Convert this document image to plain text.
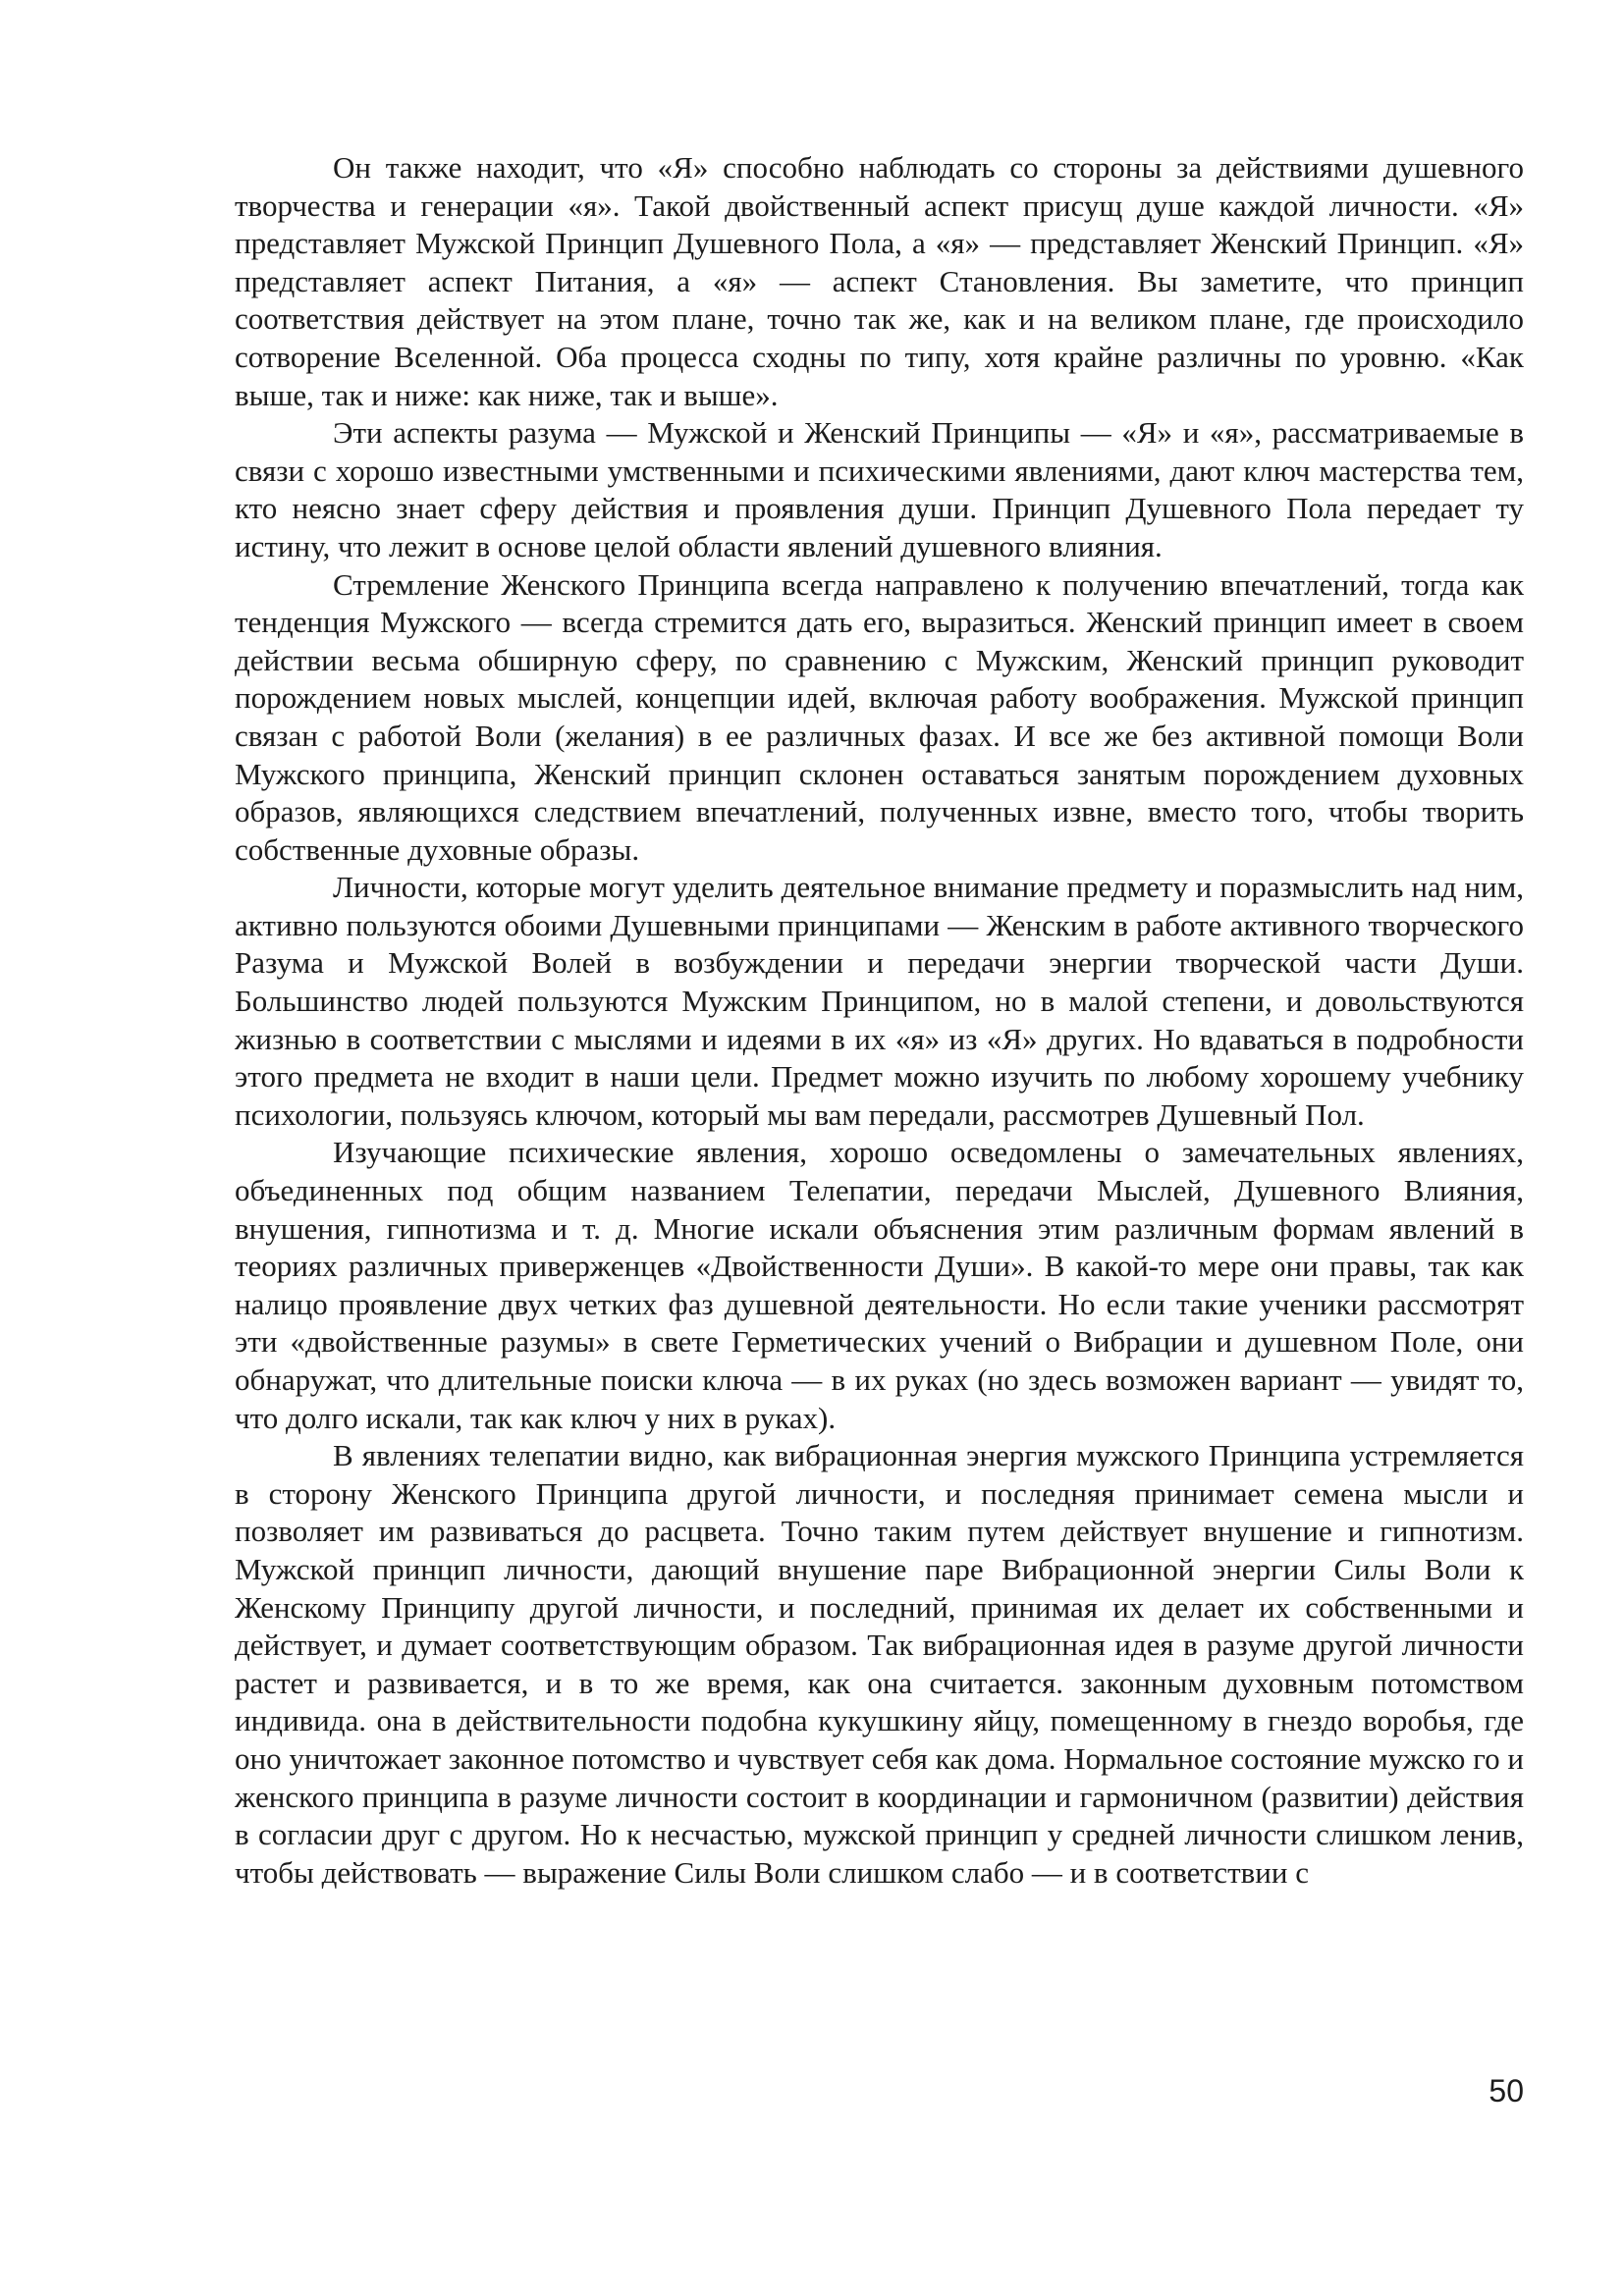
Он также находит, что «Я» способно наблюдать со стороны за действиями душевного творчества и генерации «я». Такой двойственный аспект присущ душе каждой личности. «Я» представляет Мужской Принцип Душевного Пола, а «я» — представляет Женский Принцип. «Я» представляет аспект Питания, а «я» — аспект Становления. Вы заметите, что принцип соответствия действует на этом плане, точно так же, как и на великом плане, где происходило сотворение Вселенной. Оба процесса сходны по типу, хотя крайне различны по уровню. «Как выше, так и ниже: как ниже, так и выше».

Эти аспекты разума — Мужской и Женский Принципы — «Я» и «я», рассматриваемые в связи с хорошо известными умственными и психическими явлениями, дают ключ мастерства тем, кто неясно знает сферу действия и проявления души. Принцип Душевного Пола передает ту истину, что лежит в основе целой области явлений душевного влияния.

Стремление Женского Принципа всегда направлено к получению впечатлений, тогда как тенденция Мужского — всегда стремится дать его, выразиться. Женский принцип имеет в своем действии весьма обширную сферу, по сравнению с Мужским, Женский принцип руководит порождением новых мыслей, концепции идей, включая работу воображения. Мужской принцип связан с работой Воли (желания) в ее различных фазах. И все же без активной помощи Воли Мужского принципа, Женский принцип склонен оставаться занятым порождением духовных образов, являющихся следствием впечатлений, полученных извне, вместо того, чтобы творить собственные духовные образы.

Личности, которые могут уделить деятельное внимание предмету и поразмыслить над ним, активно пользуются обоими Душевными принципами — Женским в работе активного творческого Разума и Мужской Волей в возбуждении и передачи энергии творческой части Души. Большинство людей пользуются Мужским Принципом, но в малой степени, и довольствуются жизнью в соответствии с мыслями и идеями в их «я» из «Я» других. Но вдаваться в подробности этого предмета не входит в наши цели. Предмет можно изучить по любому хорошему учебнику психологии, пользуясь ключом, который мы вам передали, рассмотрев Душевный Пол.

Изучающие психические явления, хорошо осведомлены о замечательных явлениях, объединенных под общим названием Телепатии, передачи Мыслей, Душевного Влияния, внушения, гипнотизма и т. д. Многие искали объяснения этим различным формам явлений в теориях различных приверженцев «Двойственности Души». В какой-то мере они правы, так как налицо проявление двух четких фаз душевной деятельности. Но если такие ученики рассмотрят эти «двойственные разумы» в свете Герметических учений о Вибрации и душевном Поле, они обнаружат, что длительные поиски ключа — в их руках (но здесь возможен вариант — увидят то, что долго искали, так как ключ у них в руках).

В явлениях телепатии видно, как вибрационная энергия мужского Принципа устремляется в сторону Женского Принципа другой личности, и последняя принимает семена мысли и позволяет им развиваться до расцвета. Точно таким путем действует внушение и гипнотизм. Мужской принцип личности, дающий внушение паре Вибрационной энергии Силы Воли к Женскому Принципу другой личности, и последний, принимая их делает их собственными и действует, и думает соответствующим образом. Так вибрационная идея в разуме другой личности растет и развивается, и в то же время, как она считается. законным духовным потомством индивида. она в действительности подобна кукушкину яйцу, помещенному в гнездо воробья, где оно уничтожает законное потомство и чувствует себя как дома. Нормальное состояние мужско го и женского принципа в разуме личности состоит в координации и гармоничном (развитии) действия в согласии друг с другом. Но к несчастью, мужской принцип у средней личности слишком ленив, чтобы действовать — выражение Силы Воли слишком слабо — и в соответствии с

50
